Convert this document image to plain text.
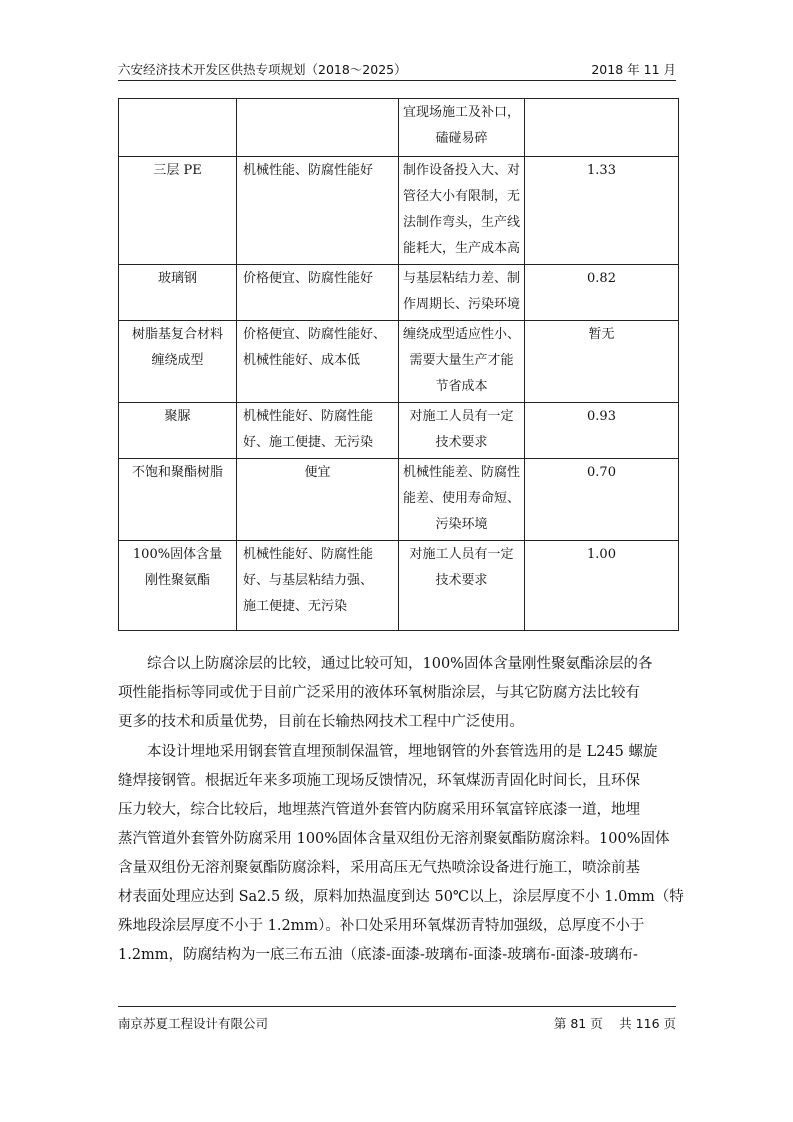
六安经济技术开发区供热专项规划（2018～2025）	2018 年 11 月

		宜现场施工及补口，
磕碰易碎	

三层 PE	机械性能、防腐性能好	制作设备投入大、对
管径大小有限制，无
法制作弯头，生产线
能耗大，生产成本高	1.33

玻璃钢	价格便宜、防腐性能好	与基层粘结力差、制
作周期长、污染环境	0.82

树脂基复合材料
缠绕成型	价格便宜、防腐性能好、
机械性能好、成本低	缠绕成型适应性小、
需要大量生产才能
节省成本	暂无

聚脲	机械性能好、防腐性能
好、施工便捷、无污染	对施工人员有一定
技术要求	0.93

不饱和聚酯树脂	便宜	机械性能差、防腐性
能差、使用寿命短、
污染环境	0.70

100%固体含量
刚性聚氨酯	机械性能好、防腐性能
好、与基层粘结力强、
施工便捷、无污染	对施工人员有一定
技术要求	1.00
　　综合以上防腐涂层的比较，通过比较可知，100%固体含量刚性聚氨酯涂层的各
项性能指标等同或优于目前广泛采用的液体环氧树脂涂层，与其它防腐方法比较有
更多的技术和质量优势，目前在长输热网技术工程中广泛使用。
　　本设计埋地采用钢套管直埋预制保温管，埋地钢管的外套管选用的是 L245 螺旋
缝焊接钢管。根据近年来多项施工现场反馈情况，环氧煤沥青固化时间长，且环保
压力较大，综合比较后，地埋蒸汽管道外套管内防腐采用环氧富锌底漆一道，地埋
蒸汽管道外套管外防腐采用 100%固体含量双组份无溶剂聚氨酯防腐涂料。100%固体
含量双组份无溶剂聚氨酯防腐涂料，采用高压无气热喷涂设备进行施工，喷涂前基
材表面处理应达到 Sa2.5 级，原料加热温度到达 50℃以上，涂层厚度不小 1.0mm（特
殊地段涂层厚度不小于 1.2mm）。补口处采用环氧煤沥青特加强级，总厚度不小于
1.2mm，防腐结构为一底三布五油（底漆-面漆-玻璃布-面漆-玻璃布-面漆-玻璃布-
南京苏夏工程设计有限公司	第 81 页　 共 116 页
